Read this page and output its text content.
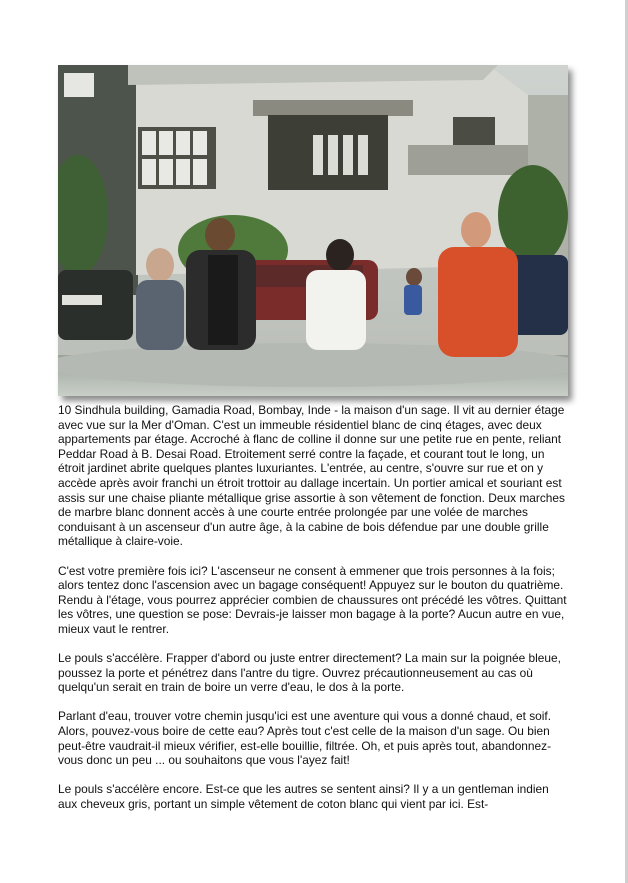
10 Sindhula building, Gamadia Road, Bombay, Inde - la maison d'un sage. Il vit au dernier étage avec vue sur la Mer d'Oman. C'est un immeuble résidentiel blanc de cinq étages, avec deux appartements par étage. Accroché à flanc de colline il donne sur une petite rue en pente, reliant Peddar Road à B. Desai Road. Etroitement serré contre la façade, et courant tout le long, un étroit jardinet abrite quelques plantes luxuriantes. L'entrée, au centre, s'ouvre sur rue et on y accède après avoir franchi un étroit trottoir au dallage incertain. Un portier amical et souriant est assis sur une chaise pliante métallique grise assortie à son vêtement de fonction. Deux marches de marbre blanc donnent accès à une courte entrée prolongée par une volée de marches conduisant à un ascenseur d'un autre âge, à la cabine de bois défendue par une double grille métallique à claire-voie.

C'est votre première fois ici? L'ascenseur ne consent à emmener que trois personnes à la fois; alors tentez donc l'ascension avec un bagage conséquent! Appuyez sur le bouton du quatrième. Rendu à l'étage, vous pourrez apprécier combien de chaussures ont précédé les vôtres. Quittant les vôtres, une question se pose: Devrais-je laisser mon bagage à la porte? Aucun autre en vue, mieux vaut le rentrer.

Le pouls s'accélère. Frapper d'abord ou juste entrer directement? La main sur la poignée bleue, poussez la porte et pénétrez dans l'antre du tigre. Ouvrez précautionneusement au cas où quelqu'un serait en train de boire un verre d'eau, le dos à la porte.

Parlant d'eau, trouver votre chemin jusqu'ici est une aventure qui vous a donné chaud, et soif. Alors, pouvez-vous boire de cette eau? Après tout c'est celle de la maison d'un sage. Ou bien peut-être vaudrait-il mieux vérifier, est-elle bouillie, filtrée. Oh, et puis après tout, abandonnez-vous donc un peu ... ou souhaitons que vous l'ayez fait!

Le pouls s'accélère encore. Est-ce que les autres se sentent ainsi? Il y a un gentleman indien aux cheveux gris, portant un simple vêtement de coton blanc qui vient par ici. Est-
